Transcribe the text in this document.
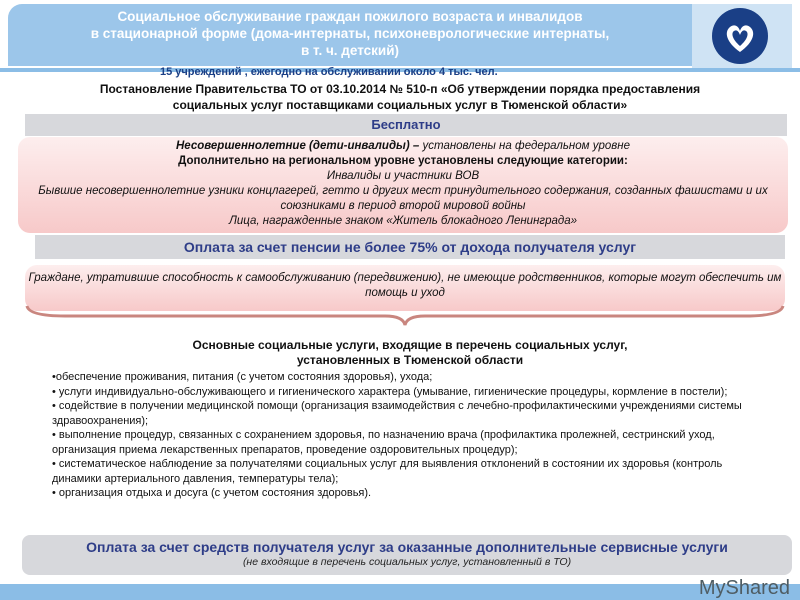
Социальное обслуживание граждан пожилого возраста и инвалидов
в стационарной форме (дома-интернаты, психоневрологические интернаты,
в т. ч. детский)
15 учреждений , ежегодно на обслуживании около 4 тыс. чел.
Постановление Правительства ТО от 03.10.2014 № 510-п «Об утверждении порядка предоставления
социальных услуг поставщиками социальных услуг в Тюменской области»
Бесплатно
Несовершеннолетние (дети-инвалиды) – установлены на федеральном уровне
Дополнительно на региональном уровне установлены следующие категории:
Инвалиды и участники ВОВ
Бывшие несовершеннолетние узники концлагерей, гетто и других мест принудительного содержания, созданных фашистами и их союзниками в период второй мировой войны
Лица, награжденные знаком «Житель блокадного Ленинграда»
Оплата за счет пенсии не более 75% от дохода получателя услуг
Граждане, утратившие способность к самообслуживанию (передвижению), не имеющие родственников, которые могут обеспечить им помощь и уход
Основные социальные услуги, входящие в перечень социальных услуг,
установленных в Тюменской области
•обеспечение проживания, питания (с учетом состояния здоровья), ухода;
• услуги индивидуально-обслуживающего и гигиенического характера (умывание, гигиенические процедуры, кормление в постели);
• содействие в получении медицинской помощи (организация взаимодействия с лечебно-профилактическими учреждениями системы здравоохранения);
• выполнение процедур, связанных с сохранением здоровья, по назначению врача (профилактика пролежней, сестринский уход, организация приема лекарственных препаратов, проведение оздоровительных процедур);
• систематическое наблюдение за получателями социальных услуг для выявления отклонений в состоянии их здоровья (контроль динамики артериального давления, температуры тела);
• организация отдыха и досуга (с учетом состояния здоровья).
Оплата за счет средств получателя услуг за оказанные дополнительные сервисные услуги
(не входящие в перечень социальных услуг, установленный в ТО)
MyShared
